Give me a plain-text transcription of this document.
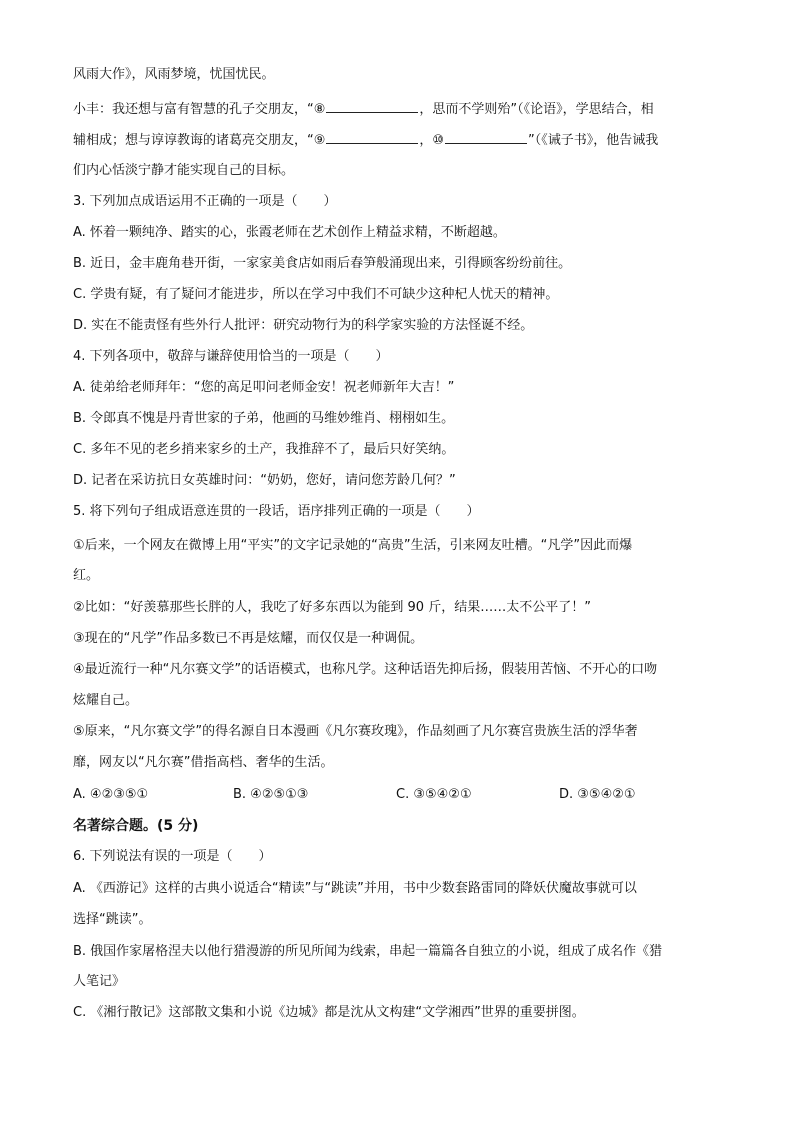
风雨大作》，风雨梦境，忧国忧民。
小丰：我还想与富有智慧的孔子交朋友，“⑧	，思而不学则殆”（《论语》，学思结合，相
辅相成；想与谆谆教诲的诸葛亮交朋友，“⑨	，⑩	”（《诫子书》，他告诫我
们内心恬淡宁静才能实现自己的目标。
3. 下列加点成语运用不正确的一项是（　　）
A. 怀着一颗纯净、踏实的心，张霞老师在艺术创作上精益求精，不断超越。
B. 近日，金丰鹿角巷开街，一家家美食店如雨后春笋般涌现出来，引得顾客纷纷前往。
C. 学贵有疑，有了疑问才能进步，所以在学习中我们不可缺少这种杞人忧天的精神。
D. 实在不能责怪有些外行人批评：研究动物行为的科学家实验的方法怪诞不经。
4. 下列各项中，敬辞与谦辞使用恰当的一项是（　　）
A. 徒弟给老师拜年：“您的高足叩问老师金安！祝老师新年大吉！”
B. 令郎真不愧是丹青世家的子弟，他画的马维妙维肖、栩栩如生。
C. 多年不见的老乡捎来家乡的土产，我推辞不了，最后只好笑纳。
D. 记者在采访抗日女英雄时问：“奶奶，您好，请问您芳龄几何？”
5. 将下列句子组成语意连贯的一段话，语序排列正确的一项是（　　）
①后来，一个网友在微博上用“平实”的文字记录她的“高贵”生活，引来网友吐槽。“凡学”因此而爆
红。
②比如：“好羡慕那些长胖的人，我吃了好多东西以为能到 90 斤，结果……太不公平了！”
③现在的“凡学”作品多数已不再是炫耀，而仅仅是一种调侃。
④最近流行一种“凡尔赛文学”的话语模式，也称凡学。这种话语先抑后扬，假装用苦恼、不开心的口吻
炫耀自己。
⑤原来，“凡尔赛文学”的得名源自日本漫画《凡尔赛玫瑰》，作品刻画了凡尔赛宫贵族生活的浮华奢
靡，网友以“凡尔赛”借指高档、奢华的生活。
A. ④②③⑤①	B. ④②⑤①③	C. ③⑤④②①	D. ③⑤④②①
名著综合题。(5 分)
6. 下列说法有误的一项是（　　）
A. 《西游记》这样的古典小说适合“精读”与“跳读”并用，书中少数套路雷同的降妖伏魔故事就可以
选择“跳读”。
B. 俄国作家屠格涅夫以他行猎漫游的所见所闻为线索，串起一篇篇各自独立的小说，组成了成名作《猎
人笔记》
C. 《湘行散记》这部散文集和小说《边城》都是沈从文构建“文学湘西”世界的重要拼图。
